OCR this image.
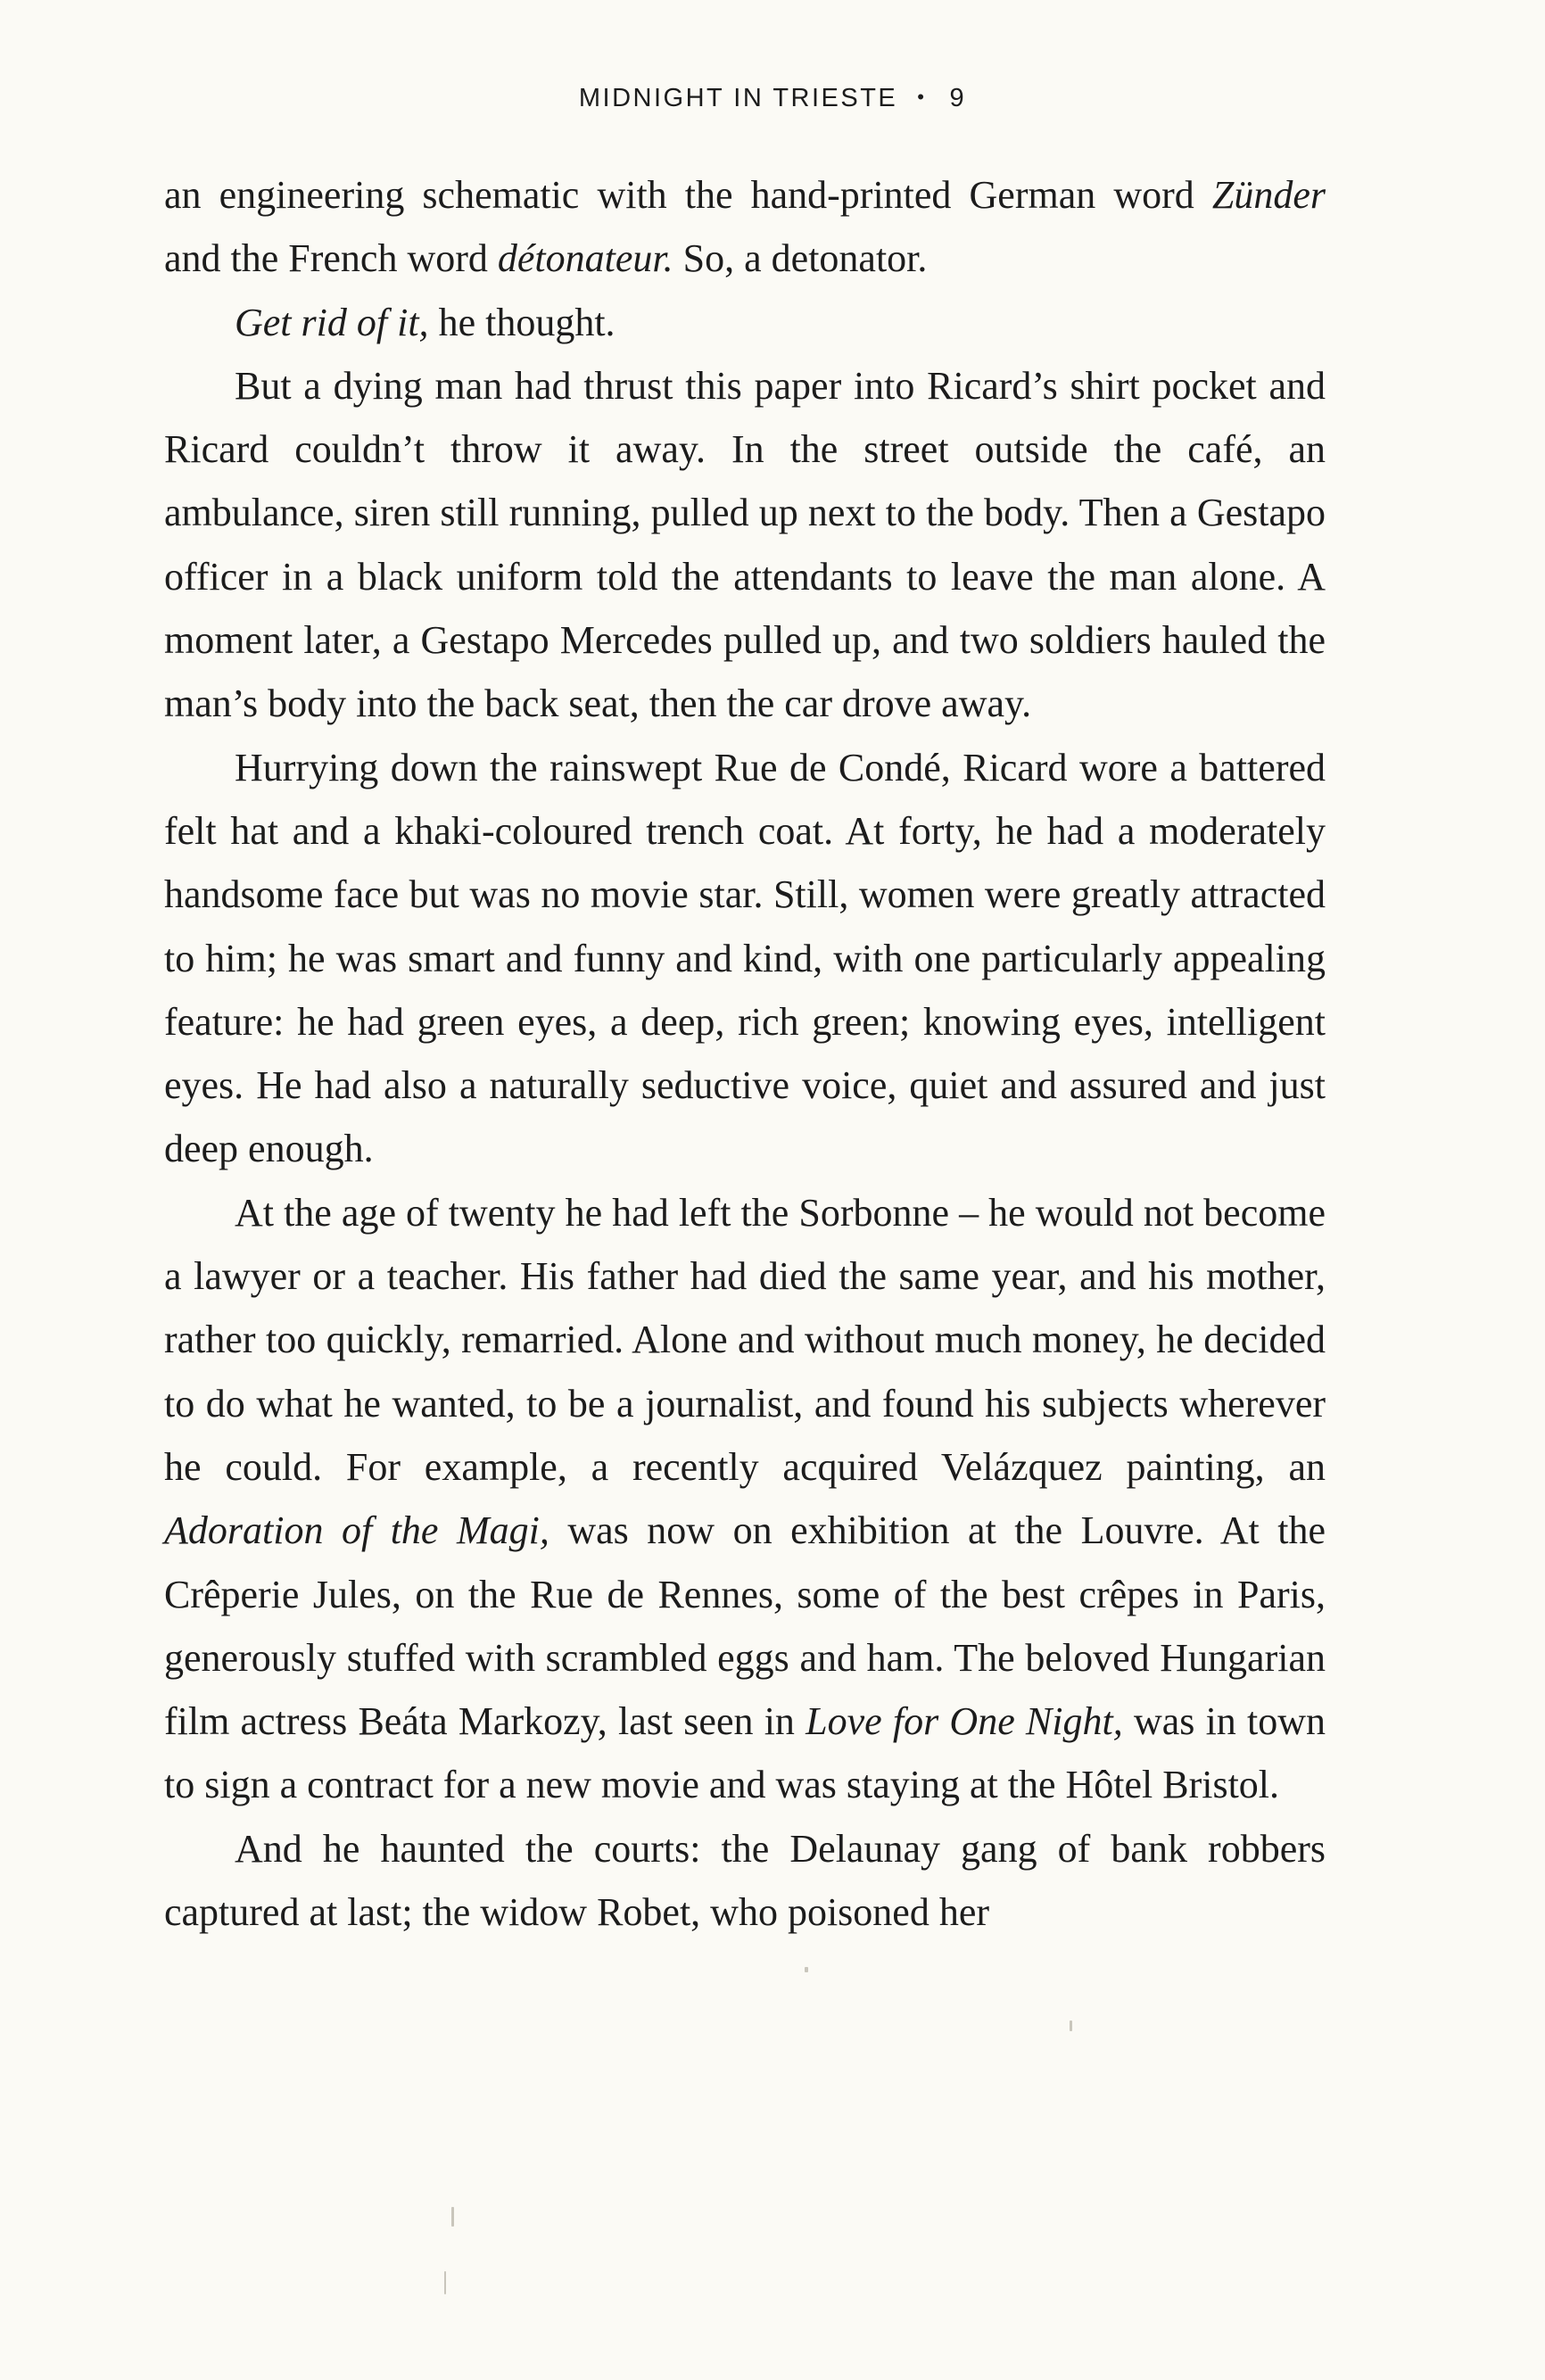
MIDNIGHT IN TRIESTE • 9

an engineering schematic with the hand-printed German word Zünder and the French word détonateur. So, a detonator.

Get rid of it, he thought.

But a dying man had thrust this paper into Ricard’s shirt pocket and Ricard couldn’t throw it away. In the street outside the café, an ambulance, siren still running, pulled up next to the body. Then a Gestapo officer in a black uniform told the attendants to leave the man alone. A moment later, a Gestapo Mercedes pulled up, and two soldiers hauled the man’s body into the back seat, then the car drove away.

Hurrying down the rainswept Rue de Condé, Ricard wore a battered felt hat and a khaki-coloured trench coat. At forty, he had a moderately handsome face but was no movie star. Still, women were greatly attracted to him; he was smart and funny and kind, with one particularly appealing feature: he had green eyes, a deep, rich green; knowing eyes, intelligent eyes. He had also a naturally seductive voice, quiet and assured and just deep enough.

At the age of twenty he had left the Sorbonne – he would not become a lawyer or a teacher. His father had died the same year, and his mother, rather too quickly, remarried. Alone and without much money, he decided to do what he wanted, to be a journalist, and found his subjects wherever he could. For example, a recently acquired Velázquez painting, an Adoration of the Magi, was now on exhibition at the Louvre. At the Crêperie Jules, on the Rue de Rennes, some of the best crêpes in Paris, generously stuffed with scrambled eggs and ham. The beloved Hungarian film actress Beáta Markozy, last seen in Love for One Night, was in town to sign a contract for a new movie and was staying at the Hôtel Bristol.

And he haunted the courts: the Delaunay gang of bank robbers captured at last; the widow Robet, who poisoned her
